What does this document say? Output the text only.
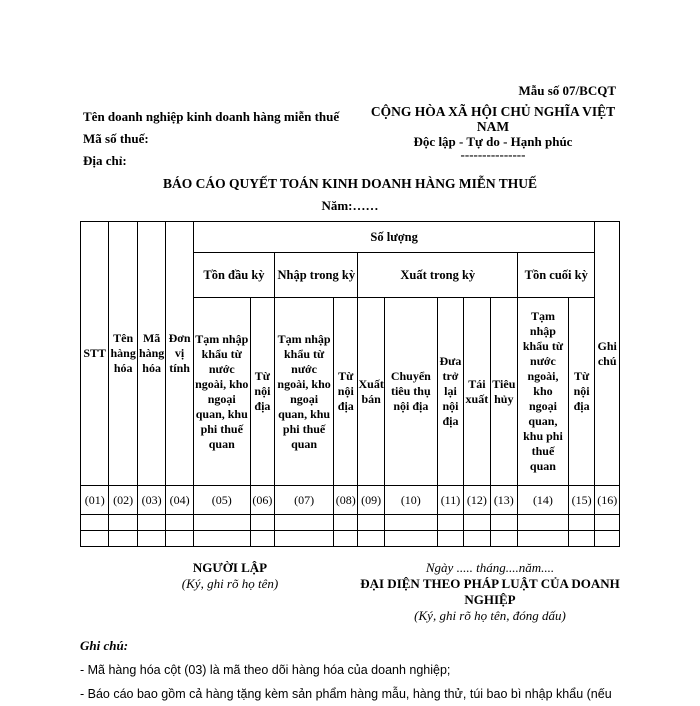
Mẫu số 07/BCQT
Tên doanh nghiệp kinh doanh hàng miễn thuế
Mã số thuế:
Địa chỉ:
CỘNG HÒA XÃ HỘI CHỦ NGHĨA VIỆT NAM
Độc lập - Tự do - Hạnh phúc
---------------
BÁO CÁO QUYẾT TOÁN KINH DOANH HÀNG MIỄN THUẾ
Năm:……
STT	Tên hàng hóa	Mã hàng hóa	Đơn vị tính	Số lượng											Ghi chú
				Tồn đầu kỳ		Nhập trong kỳ		Xuất trong kỳ					Tồn cuối kỳ		
				Tạm nhập khẩu từ nước ngoài, kho ngoại quan, khu phi thuế quan	Từ nội địa	Tạm nhập khẩu từ nước ngoài, kho ngoại quan, khu phi thuế quan	Từ nội địa	Xuất bán	Chuyển tiêu thụ nội địa	Đưa trở lại nội địa	Tái xuất	Tiêu hủy	Tạm nhập khẩu từ nước ngoài, kho ngoại quan, khu phi thuế quan	Từ nội địa	
(01)	(02)	(03)	(04)	(05)	(06)	(07)	(08)	(09)	(10)	(11)	(12)	(13)	(14)	(15)	(16)

NGƯỜI LẬP
(Ký, ghi rõ họ tên)
Ngày ..... tháng....năm....
ĐẠI DIỆN THEO PHÁP LUẬT CỦA DOANH NGHIỆP
(Ký, ghi rõ họ tên, đóng dấu)
Ghi chú:
- Mã hàng hóa cột (03) là mã theo dõi hàng hóa của doanh nghiệp;
- Báo cáo bao gồm cả hàng tặng kèm sản phẩm hàng mẫu, hàng thử, túi bao bì nhập khẩu (nếu
